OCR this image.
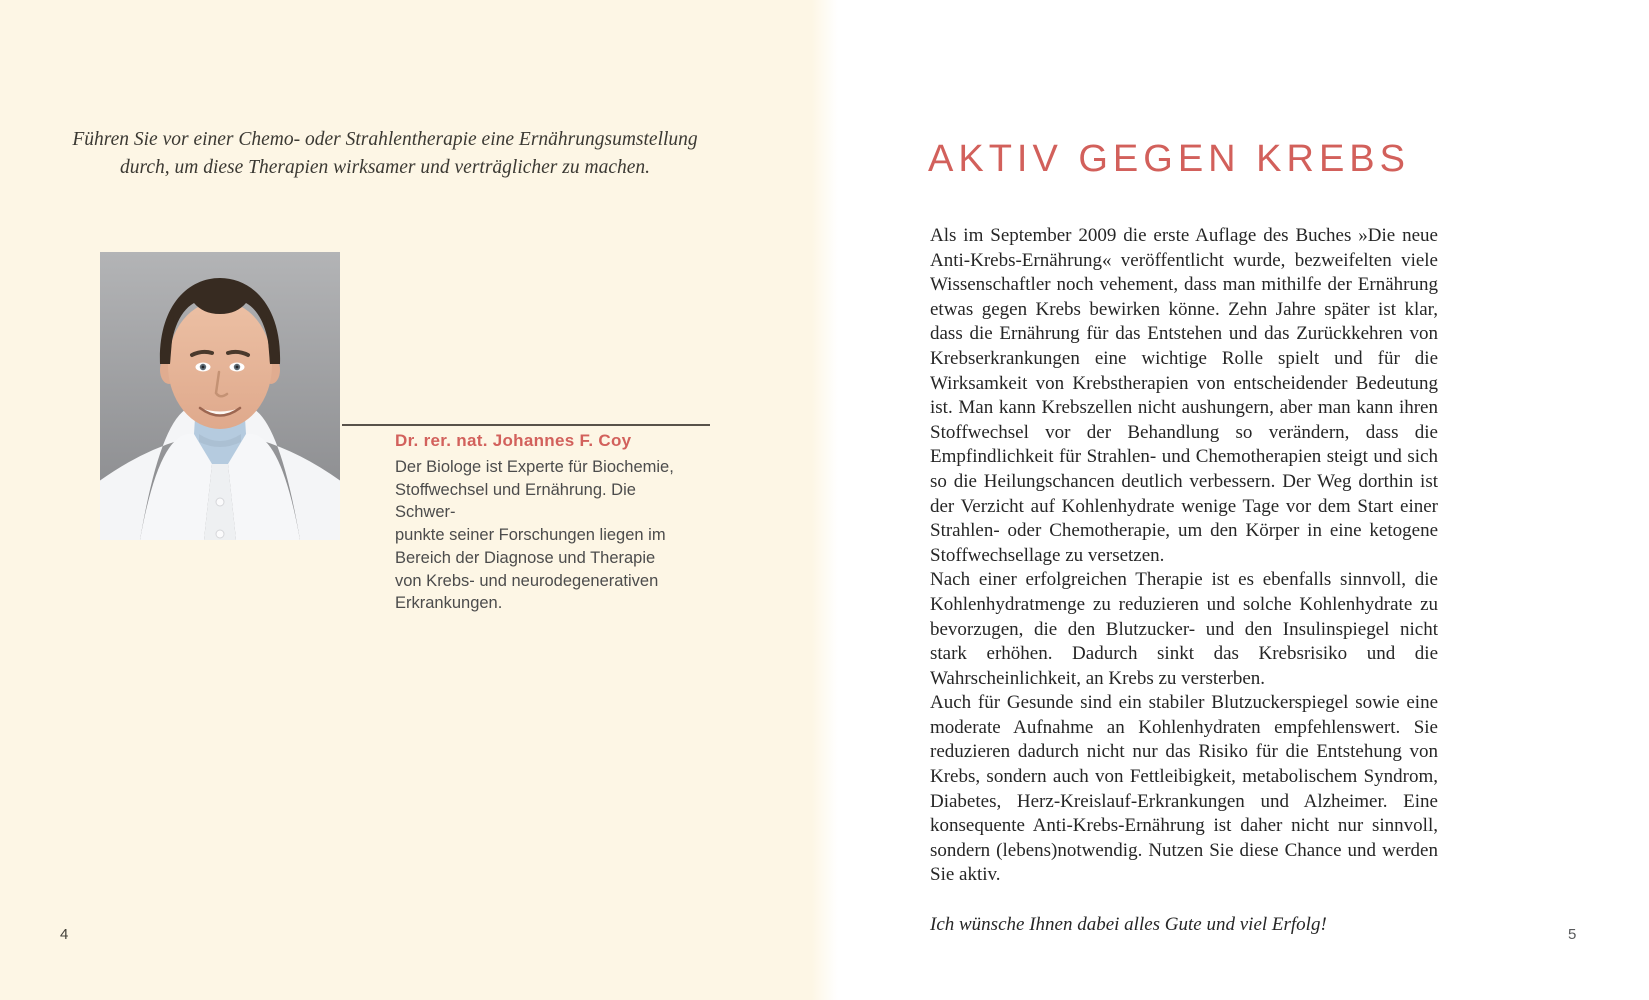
Führen Sie vor einer Chemo- oder Strahlentherapie eine Ernährungsumstellung durch, um diese Therapien wirksamer und verträglicher zu machen.

Dr. rer. nat. Johannes F. Coy
Der Biologe ist Experte für Biochemie,
Stoffwechsel und Ernährung. Die Schwer-
punkte seiner Forschungen liegen im
Bereich der Diagnose und Therapie
von Krebs- und neurodegenerativen
Erkrankungen.
4
AKTIV GEGEN KREBS

Als im September 2009 die erste Auflage des Buches »Die neue Anti-Krebs-Ernährung« veröffentlicht wurde, bezweifelten viele Wissenschaftler noch vehement, dass man mithilfe der Ernährung etwas gegen Krebs bewirken könne. Zehn Jahre später ist klar, dass die Ernährung für das Entstehen und das Zurückkehren von Krebserkrankungen eine wichtige Rolle spielt und für die Wirksamkeit von Krebstherapien von entscheidender Bedeutung ist. Man kann Krebszellen nicht aushungern, aber man kann ihren Stoffwechsel vor der Behandlung so verändern, dass die Empfindlichkeit für Strahlen- und Chemotherapien steigt und sich so die Heilungschancen deutlich verbessern. Der Weg dorthin ist der Verzicht auf Kohlenhydrate wenige Tage vor dem Start einer Strahlen- oder Chemotherapie, um den Körper in eine ketogene Stoffwechsellage zu versetzen.

Nach einer erfolgreichen Therapie ist es ebenfalls sinnvoll, die Kohlenhydratmenge zu reduzieren und solche Kohlenhydrate zu bevorzugen, die den Blutzucker- und den Insulinspiegel nicht stark erhöhen. Dadurch sinkt das Krebsrisiko und die Wahrscheinlichkeit, an Krebs zu versterben.

Auch für Gesunde sind ein stabiler Blutzuckerspiegel sowie eine moderate Aufnahme an Kohlenhydraten empfehlenswert. Sie reduzieren dadurch nicht nur das Risiko für die Entstehung von Krebs, sondern auch von Fettleibigkeit, metabolischem Syndrom, Diabetes, Herz-Kreislauf-Erkrankungen und Alzheimer. Eine konsequente Anti-Krebs-Ernährung ist daher nicht nur sinnvoll, sondern (lebens)notwendig. Nutzen Sie diese Chance und werden Sie aktiv.

Ich wünsche Ihnen dabei alles Gute und viel Erfolg!	5
